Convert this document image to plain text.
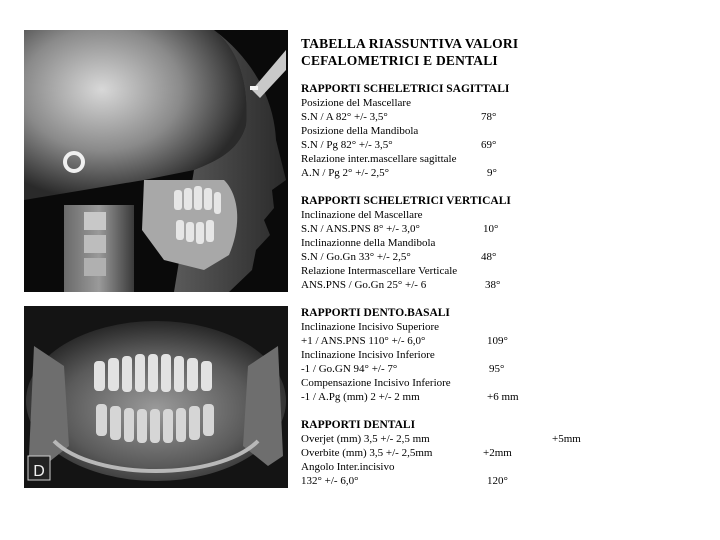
D
TABELLA RIASSUNTIVA VALORI
CEFALOMETRICI E DENTALI
RAPPORTI SCHELETRICI SAGITTALI
Posizione del Mascellare
S.N / A 82° +/- 3,5°	78°
Posizione della Mandibola
S.N / Pg 82° +/- 3,5°	69°
Relazione inter.mascellare sagittale
A.N / Pg 2° +/- 2,5°	9°
RAPPORTI SCHELETRICI VERTICALI
Inclinazione del Mascellare
S.N / ANS.PNS 8° +/- 3,0°	10°
Inclinazionne della Mandibola
S.N / Go.Gn 33° +/- 2,5°	48°
Relazione Intermascellare Verticale
ANS.PNS / Go.Gn 25° +/- 6	38°
RAPPORTI DENTO.BASALI
Inclinazione Incisivo Superiore
+1 / ANS.PNS 110° +/- 6,0°	109°
Inclinazione Incisivo Inferiore
-1 / Go.GN 94° +/- 7°	95°
Compensazione Incisivo Inferiore
-1 / A.Pg (mm) 2 +/- 2 mm	+6 mm
RAPPORTI DENTALI
Overjet (mm) 3,5 +/- 2,5 mm	+5mm
Overbite (mm) 3,5 +/- 2,5mm	+2mm
Angolo Inter.incisivo
132° +/- 6,0°	120°
